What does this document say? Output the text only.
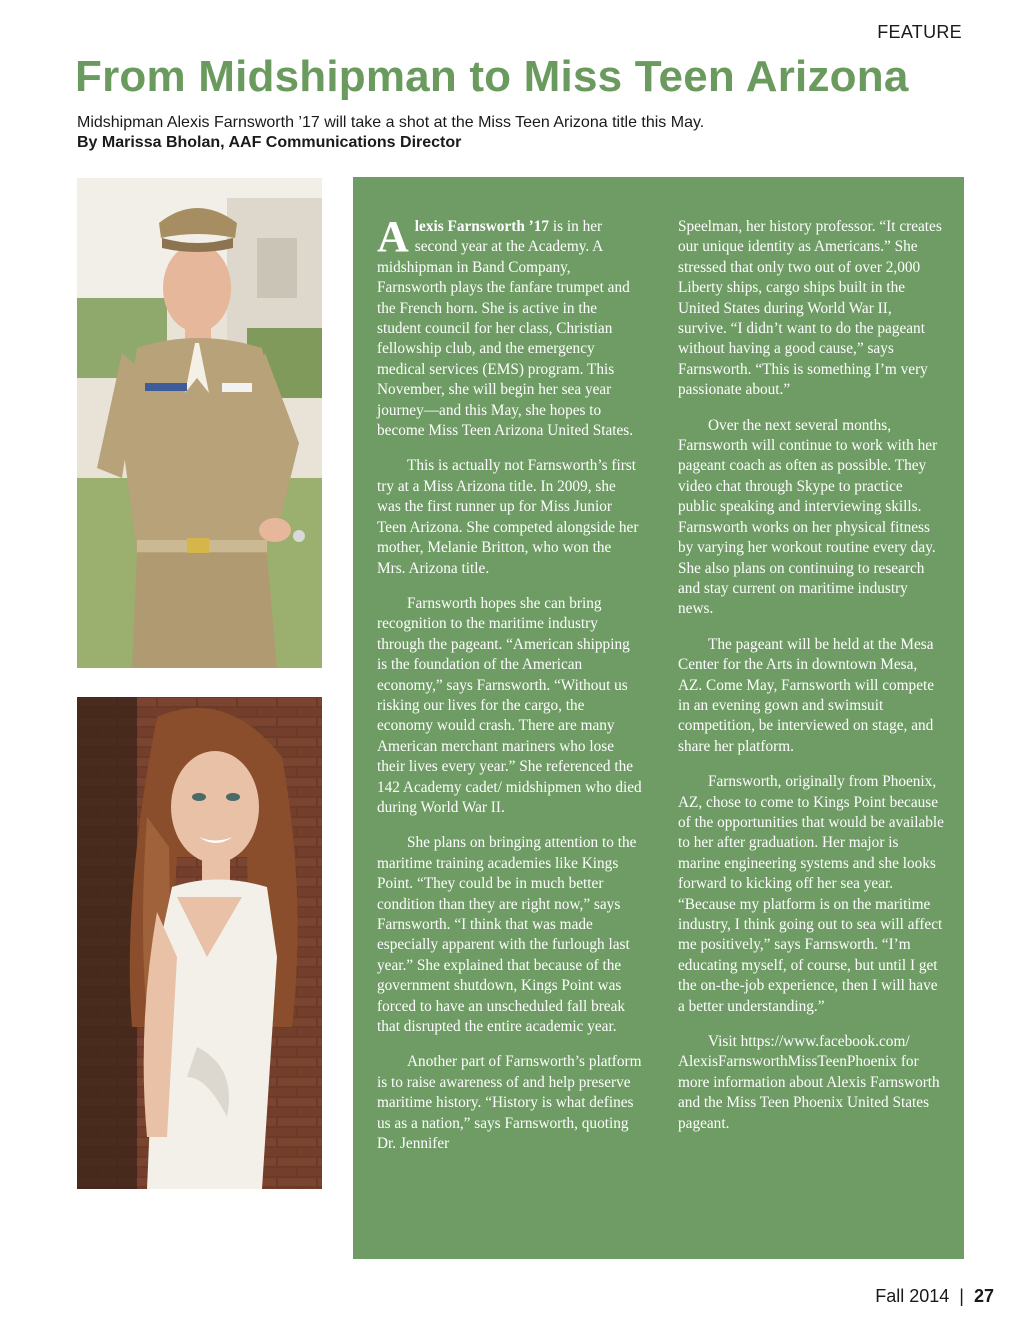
FEATURE
From Midshipman to Miss Teen Arizona
Midshipman Alexis Farnsworth ’17 will take a shot at the Miss Teen Arizona title this May.
By Marissa Bholan, AAF Communications Director

Alexis Farnsworth ’17 is in her second year at the Academy. A midshipman in Band Company, Farnsworth plays the fanfare trumpet and the French horn. She is active in the student council for her class, Christian fellowship club, and the emergency medical services (EMS) program. This November, she will begin her sea year journey—and this May, she hopes to become Miss Teen Arizona United States.

This is actually not Farnsworth’s first try at a Miss Arizona title. In 2009, she was the first runner up for Miss Junior Teen Arizona. She competed alongside her mother, Melanie Britton, who won the Mrs. Arizona title.

Farnsworth hopes she can bring recognition to the maritime industry through the pageant. “American shipping is the foundation of the American economy,” says Farnsworth. “Without us risking our lives for the cargo, the economy would crash. There are many American merchant mariners who lose their lives every year.” She referenced the 142 Academy cadet/ midshipmen who died during World War II.

She plans on bringing attention to the maritime training academies like Kings Point. “They could be in much better condition than they are right now,” says Farnsworth. “I think that was made especially apparent with the furlough last year.” She explained that because of the government shutdown, Kings Point was forced to have an unscheduled fall break that disrupted the entire academic year.

Another part of Farnsworth’s platform is to raise awareness of and help preserve maritime history. “History is what defines us as a nation,” says Farnsworth, quoting Dr. Jennifer

Speelman, her history professor. “It creates our unique identity as Americans.” She stressed that only two out of over 2,000 Liberty ships, cargo ships built in the United States during World War II, survive. “I didn’t want to do the pageant without having a good cause,” says Farnsworth. “This is something I’m very passionate about.”

Over the next several months, Farnsworth will continue to work with her pageant coach as often as possible. They video chat through Skype to practice public speaking and interviewing skills. Farnsworth works on her physical fitness by varying her workout routine every day. She also plans on continuing to research and stay current on maritime industry news.

The pageant will be held at the Mesa Center for the Arts in downtown Mesa, AZ. Come May, Farnsworth will compete in an evening gown and swimsuit competition, be interviewed on stage, and share her platform.

Farnsworth, originally from Phoenix, AZ, chose to come to Kings Point because of the opportunities that would be available to her after graduation. Her major is marine engineering systems and she looks forward to kicking off her sea year. “Because my platform is on the maritime industry, I think going out to sea will affect me positively,” says Farnsworth. “I’m educating myself, of course, but until I get the on-the-job experience, then I will have a better understanding.”

Visit https://www.facebook.com/ AlexisFarnsworthMissTeenPhoenix for more information about Alexis Farnsworth and the Miss Teen Phoenix United States pageant.

Fall 2014 | 27
